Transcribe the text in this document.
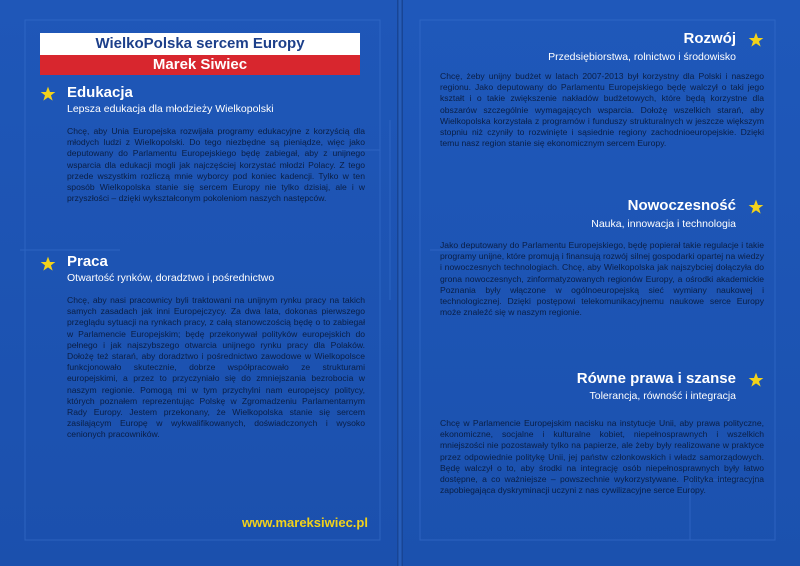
WielkoPolska sercem Europy
Marek Siwiec
Edukacja
Lepsza edukacja dla młodzieży Wielkopolski
Chcę, aby Unia Europejska rozwijała programy edukacyjne z korzyścią dla młodych ludzi z Wielkopolski. Do tego niezbędne są pieniądze, więc jako deputowany do Parlamentu Europejskiego będę zabiegał, aby z unijnego wsparcia dla edukacji mogli jak najczęściej korzystać młodzi Polacy. Z tego przede wszystkim rozliczą mnie wyborcy pod koniec kadencji. Tylko w ten sposób Wielkopolska stanie się sercem Europy nie tylko dzisiaj, ale i w przyszłości – dzięki wykształconym pokoleniom naszych następców.
Praca
Otwartość rynków, doradztwo i pośrednictwo
Chcę, aby nasi pracownicy byli traktowani na unijnym rynku pracy na takich samych zasadach jak inni Europejczycy. Za dwa lata, dokonas pierwszego przeglądu sytuacji na rynkach pracy, z całą stanowczością będę o to zabiegał w Parlamencie Europejskim; będę przekonywał polityków europejskich do pełnego i jak najszybszego otwarcia unijnego rynku pracy dla Polaków. Dołożę też starań, aby doradztwo i pośrednictwo zawodowe w Wielkopolsce funkcjonowało skutecznie, dobrze współpracowało ze strukturami europejskimi, a przez to przyczyniało się do zmniejszania bezrobocia w naszym regionie. Pomogą mi w tym przychylni nam europejscy politycy, których poznałem reprezentując Polskę w Zgromadzeniu Parlamentarnym Rady Europy. Jestem przekonany, że Wielkopolska stanie się sercem zasilającym Europę w wykwalifikowanych, doświadczonych i wysoko cenionych pracowników.
www.mareksiwiec.pl
Rozwój
Przedsiębiorstwa, rolnictwo i środowisko
Chcę, żeby unijny budżet w latach 2007-2013 był korzystny dla Polski i naszego regionu. Jako deputowany do Parlamentu Europejskiego będę walczył o taki jego kształt i o takie zwiększenie nakładów budżetowych, które będą korzystne dla obszarów szczególnie wymagających wsparcia. Dołożę wszelkich starań, aby Wielkopolska korzystała z programów i funduszy strukturalnych w jeszcze większym stopniu niż czyniły to rozwinięte i sąsiednie regiony zachodnioeuropejskie. Dzięki temu nasz region stanie się ekonomicznym sercem Europy.
Nowoczesność
Nauka, innowacja i technologia
Jako deputowany do Parlamentu Europejskiego, będę popierał takie regulacje i takie programy unijne, które promują i finansują rozwój silnej gospodarki opartej na wiedzy i nowoczesnych technologiach. Chcę, aby Wielkopolska jak najszybciej dołączyła do grona nowoczesnych, zinformatyzowanych regionów Europy, a ośrodki akademickie Poznania były włączone w ogólnoeuropejską sieć wymiany naukowej i technologicznej. Dzięki postępowi telekomunikacyjnemu naukowe serce Europy może znaleźć się w naszym regionie.
Równe prawa i szanse
Tolerancja, równość i integracja
Chcę w Parlamencie Europejskim nacisku na instytucje Unii, aby prawa polityczne, ekonomiczne, socjalne i kulturalne kobiet, niepełnosprawnych i wszelkich mniejszości nie pozostawały tylko na papierze, ale żeby były realizowane w praktyce przez odpowiednie politykę Unii, jej państw członkowskich i władz samorządowych. Będę walczył o to, aby środki na integrację osób niepełnosprawnych były łatwo dostępne, a co ważniejsze – powszechnie wykorzystywane. Polityka integracyjna zapobiegająca dyskryminacji uczyni z nas cywilizacyjne serce Europy.
